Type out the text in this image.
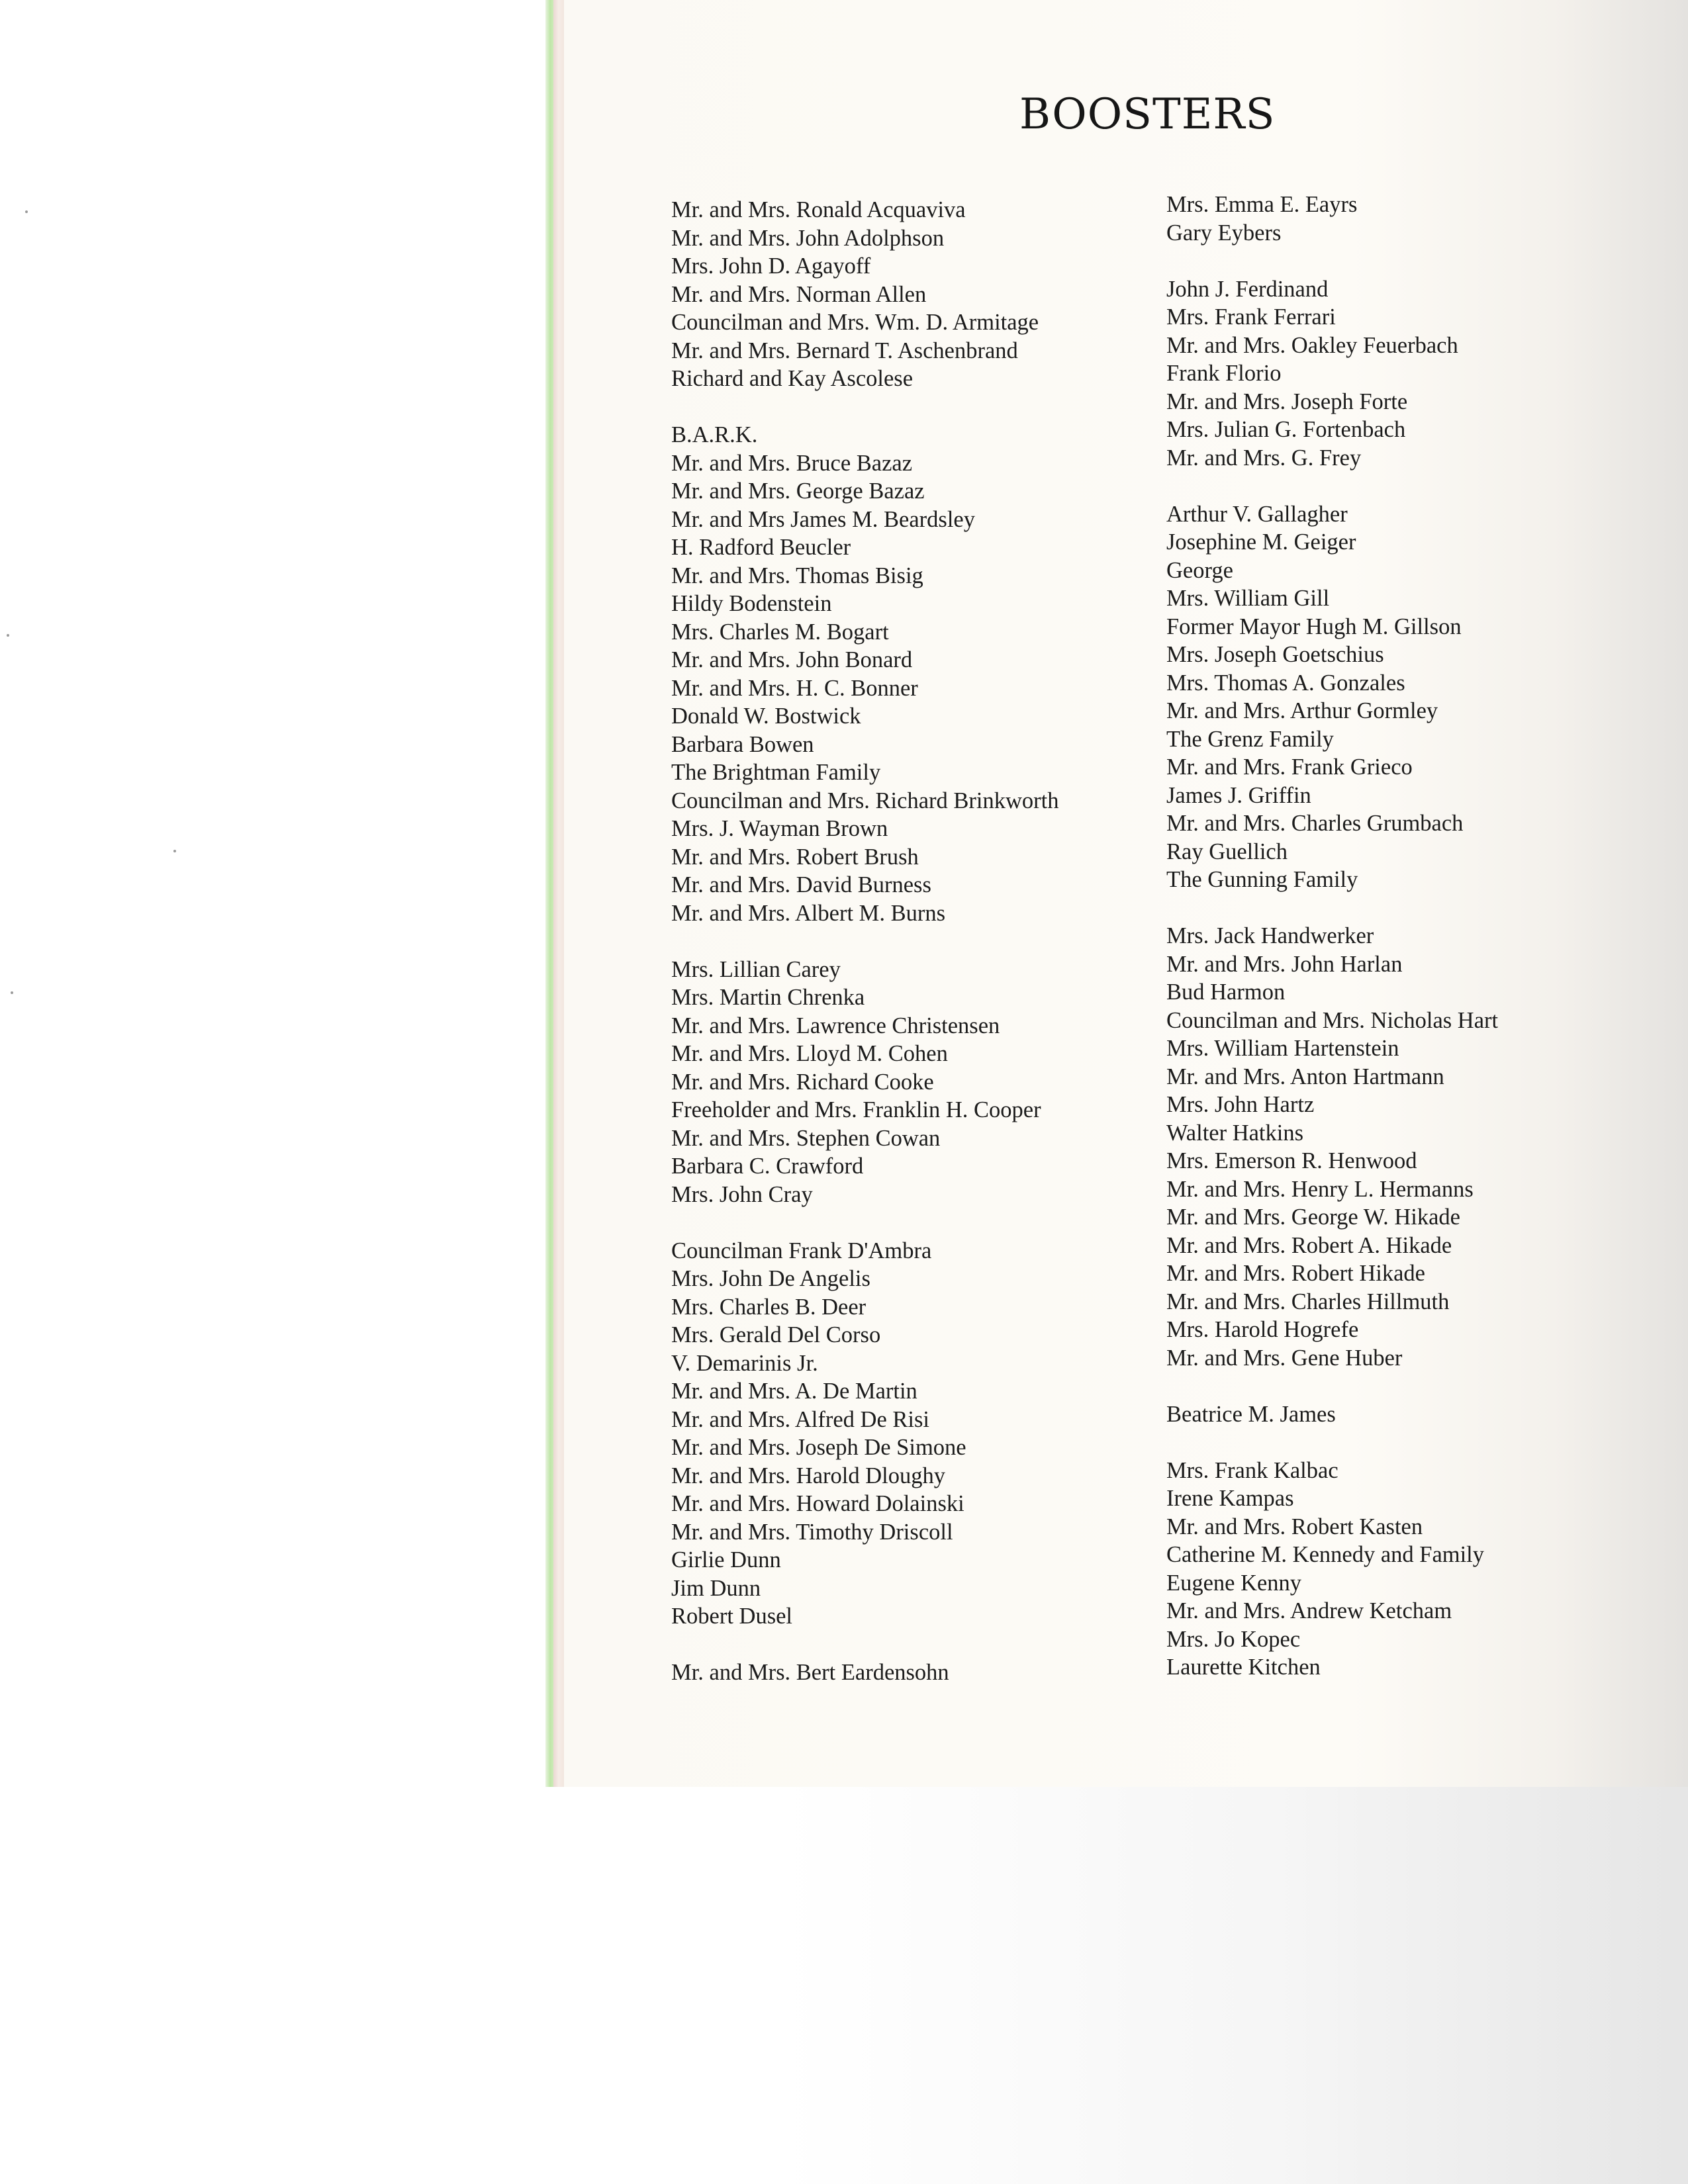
BOOSTERS
Mr. and Mrs. Ronald Acquaviva
Mr. and Mrs. John Adolphson
Mrs. John D. Agayoff
Mr. and Mrs. Norman Allen
Councilman and Mrs. Wm. D. Armitage
Mr. and Mrs. Bernard T. Aschenbrand
Richard and Kay Ascolese
B.A.R.K.
Mr. and Mrs. Bruce Bazaz
Mr. and Mrs. George Bazaz
Mr. and Mrs James M. Beardsley
H. Radford Beucler
Mr. and Mrs. Thomas Bisig
Hildy Bodenstein
Mrs. Charles M. Bogart
Mr. and Mrs. John Bonard
Mr. and Mrs. H. C. Bonner
Donald W. Bostwick
Barbara Bowen
The Brightman Family
Councilman and Mrs. Richard Brinkworth
Mrs. J. Wayman Brown
Mr. and Mrs. Robert Brush
Mr. and Mrs. David Burness
Mr. and Mrs. Albert M. Burns
Mrs. Lillian Carey
Mrs. Martin Chrenka
Mr. and Mrs. Lawrence Christensen
Mr. and Mrs. Lloyd M. Cohen
Mr. and Mrs. Richard Cooke
Freeholder and Mrs. Franklin H. Cooper
Mr. and Mrs. Stephen Cowan
Barbara C. Crawford
Mrs. John Cray
Councilman Frank D'Ambra
Mrs. John De Angelis
Mrs. Charles B. Deer
Mrs. Gerald Del Corso
V. Demarinis Jr.
Mr. and Mrs. A. De Martin
Mr. and Mrs. Alfred De Risi
Mr. and Mrs. Joseph De Simone
Mr. and Mrs. Harold Dloughy
Mr. and Mrs. Howard Dolainski
Mr. and Mrs. Timothy Driscoll
Girlie Dunn
Jim Dunn
Robert Dusel
Mr. and Mrs. Bert Eardensohn
Mrs. Emma E. Eayrs
Gary Eybers
John J. Ferdinand
Mrs. Frank Ferrari
Mr. and Mrs. Oakley Feuerbach
Frank Florio
Mr. and Mrs. Joseph Forte
Mrs. Julian G. Fortenbach
Mr. and Mrs. G. Frey
Arthur V. Gallagher
Josephine M. Geiger
George
Mrs. William Gill
Former Mayor Hugh M. Gillson
Mrs. Joseph Goetschius
Mrs. Thomas A. Gonzales
Mr. and Mrs. Arthur Gormley
The Grenz Family
Mr. and Mrs. Frank Grieco
James J. Griffin
Mr. and Mrs. Charles Grumbach
Ray Guellich
The Gunning Family
Mrs. Jack Handwerker
Mr. and Mrs. John Harlan
Bud Harmon
Councilman and Mrs. Nicholas Hart
Mrs. William Hartenstein
Mr. and Mrs. Anton Hartmann
Mrs. John Hartz
Walter Hatkins
Mrs. Emerson R. Henwood
Mr. and Mrs. Henry L. Hermanns
Mr. and Mrs. George W. Hikade
Mr. and Mrs. Robert A. Hikade
Mr. and Mrs. Robert Hikade
Mr. and Mrs. Charles Hillmuth
Mrs. Harold Hogrefe
Mr. and Mrs. Gene Huber
Beatrice M. James
Mrs. Frank Kalbac
Irene Kampas
Mr. and Mrs. Robert Kasten
Catherine M. Kennedy and Family
Eugene Kenny
Mr. and Mrs. Andrew Ketcham
Mrs. Jo Kopec
Laurette Kitchen
